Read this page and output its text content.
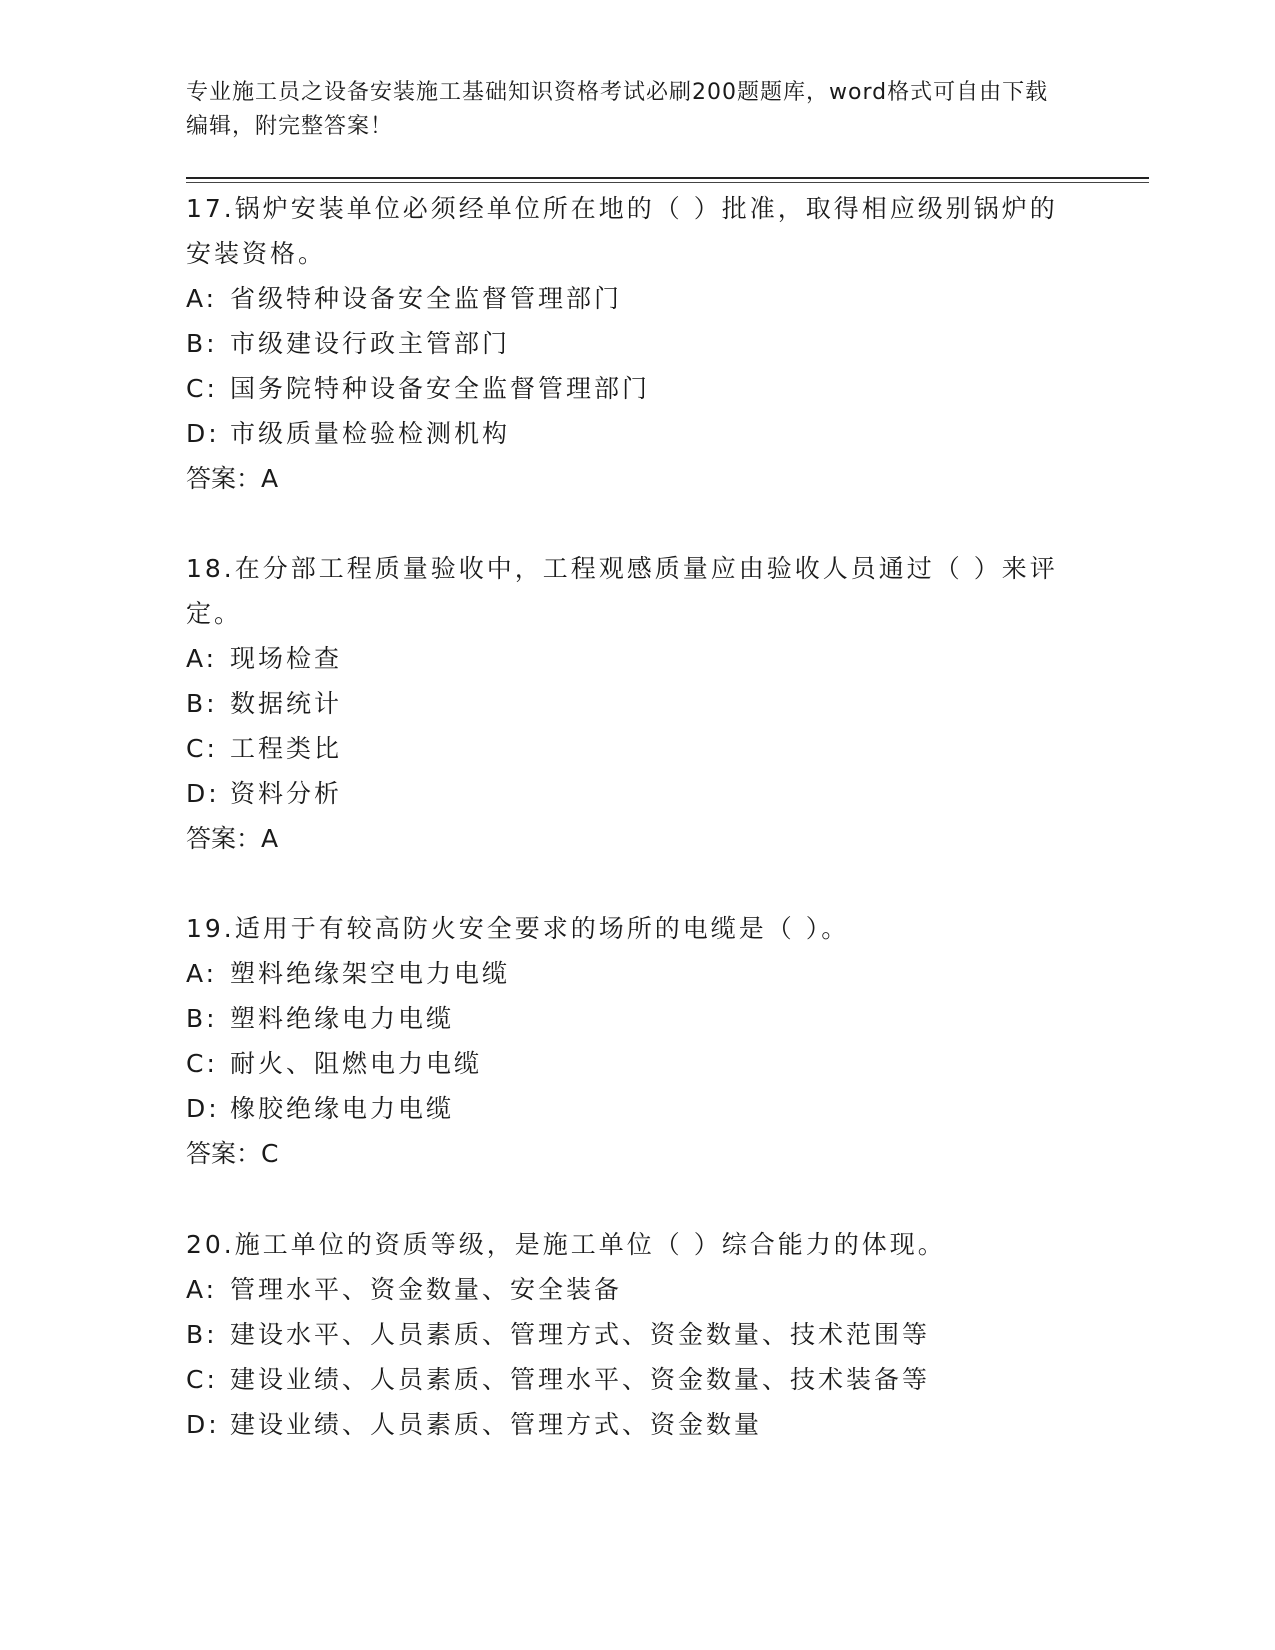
专业施工员之设备安装施工基础知识资格考试必刷200题题库，word格式可自由下载编辑，附完整答案！
17.锅炉安装单位必须经单位所在地的（ ）批准，取得相应级别锅炉的安装资格。
A: 省级特种设备安全监督管理部门
B: 市级建设行政主管部门
C: 国务院特种设备安全监督管理部门
D: 市级质量检验检测机构
答案：A
18.在分部工程质量验收中，工程观感质量应由验收人员通过（ ）来评定。
A: 现场检查
B: 数据统计
C: 工程类比
D: 资料分析
答案：A
19.适用于有较高防火安全要求的场所的电缆是（ ）。
A: 塑料绝缘架空电力电缆
B: 塑料绝缘电力电缆
C: 耐火、阻燃电力电缆
D: 橡胶绝缘电力电缆
答案：C
20.施工单位的资质等级，是施工单位（ ）综合能力的体现。
A: 管理水平、资金数量、安全装备
B: 建设水平、人员素质、管理方式、资金数量、技术范围等
C: 建设业绩、人员素质、管理水平、资金数量、技术装备等
D: 建设业绩、人员素质、管理方式、资金数量
